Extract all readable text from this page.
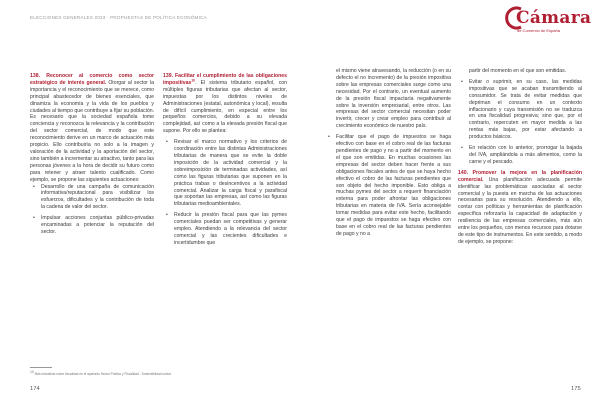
ELECCIONES GENERALES 2023 · PROPUESTAS DE POLÍTICA ECONÓMICA	Cámara
de Comercio de España

138. Reconocer al comercio como sector estratégico de interés general. Otorgar al sector la importancia y el reconocimiento que se merece, como principal abastecedor de bienes esenciales, que dinamiza la economía y la vida de los pueblos y ciudades al tiempo que contribuye a fijar su población. Es necesario que la sociedad española tome conciencia y reconozca la relevancia y la contribución del sector comercial, de modo que este reconocimiento derive en un marco de actuación más propicio. Ello contribuiría no solo a la imagen y valoración de la actividad y la aportación del sector, sino también a incrementar su atractivo, tanto para las personas jóvenes a la hora de decidir su futuro como para retener y atraer talento cualificado. Como ejemplo, se propone las siguientes actuaciones:

• Desarrollo de una campaña de comunicación informativa/reputacional para visibilizar los esfuerzos, dificultades y la contribución de toda la cadena de valor del sector.
• Impulsar acciones conjuntas público-privadas encaminadas a potenciar la reputación del sector.

139. Facilitar el cumplimiento de las obligaciones impositivas$^{10}$. El sistema tributario español, con múltiples figuras tributarias que afectan al sector, impuestas por los distintos niveles de Administraciones (estatal, autonómica y local), resulta de difícil cumplimiento, en especial entre los pequeños comercios, debido a su elevada complejidad, así como a la elevada presión fiscal que supone. Por ello se plantea:

• Revisar el marco normativo y los criterios de coordinación entre las distintas Administraciones tributarias de manera que se evite la doble imposición de la actividad comercial y la sobreimposición de terminadas actividades, así como las figuras tributarias que suponen en la práctica trabas o desincentivos a la actividad comercial. Analizar la carga fiscal y parafiscal que soportan las empresas, así como las figuras tributarias medioambientales.
• Reducir la presión fiscal para que las pymes comerciales puedan ser competitivas y generar empleo. Atendiendo a la relevancia del sector comercial y las crecientes dificultades e incertidumbre que

el mismo viene atravesando, la reducción (o en su defecto el no incremento) de la presión impositiva sobre las empresas comerciales surge como una necesidad. Por el contrario, un eventual aumento de la presión fiscal impactaría negativamente sobre la inversión empresarial, entre otros. Las empresas del sector comercial necesitan poder invertir, crecer y crear empleo para contribuir al crecimiento económico de nuestro país.

• Facilitar que el pago de impuestos se haga efectivo con base en el cobro real de las facturas pendientes de pago y no a partir del momento en el que son emitidas. En muchas ocasiones las empresas del sector deben hacer frente a sus obligaciones fiscales antes de que se haya hecho efectivo el cobro de las facturas pendientes que son objeto del hecho imponible. Esto obliga a muchas pymes del sector a requerir financiación externa para poder afrontar las obligaciones tributarias en materia de IVA. Sería aconsejable tomar medidas para evitar este hecho, facilitando que el pago de impuestos se haga efectivo con base en el cobro real de las facturas pendientes de pago y no a

partir del momento en el que son emitidas.

• Evitar o suprimir, en su caso, las medidas impositivas que se acaban transmitiendo al consumidor. Se trata de evitar medidas que depriman el consumo en un contexto inflacionario y cuya transmisión no se traduzca en una fiscalidad progresiva; sino que, por el contrario, repercuten en mayor medida a las rentas más bajas, por estar afectando a productos básicos.
• En relación con lo anterior, prorrogar la bajada del IVA, ampliándola a más alimentos, como la carne y el pescado.

140. Promover la mejora en la planificación comercial. Una planificación adecuada permite identificar las problemáticas asociadas al sector comercial y la puesta en marcha de las actuaciones necesarias para su resolución. Atendiendo a ello, contar con políticas y herramientas de planificación específica reforzaría la capacidad de adaptación y resiliencia de las empresas comerciales, más aún entre los pequeños, con menos recursos para dotarse de este tipo de instrumentos. En este sentido, a modo de ejemplo, se propone:

10 Más iniciativas sobre fiscalidad en el apartado Sector Público y Fiscalidad - Sostenibilidad social.
174	175
